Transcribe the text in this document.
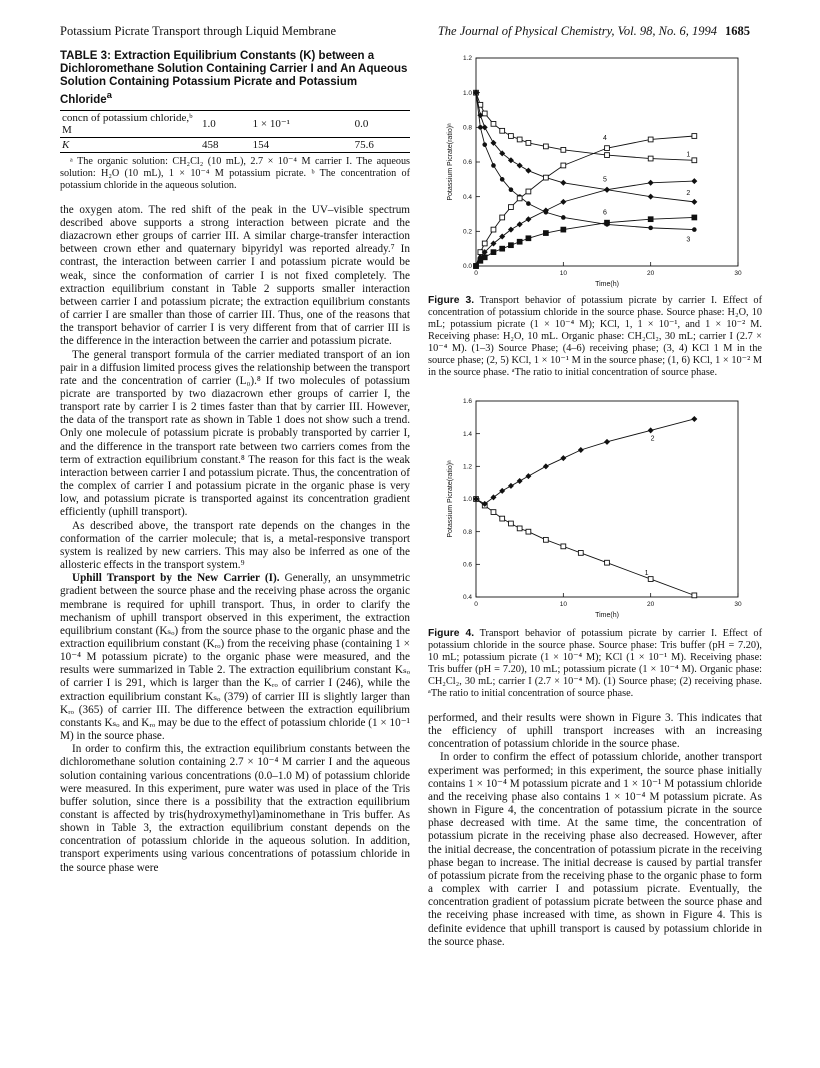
Potassium Picrate Transport through Liquid Membrane	The Journal of Physical Chemistry, Vol. 98, No. 6, 1994 1685
TABLE 3: Extraction Equilibrium Constants (K) between a Dichloromethane Solution Containing Carrier I and An Aqueous Solution Containing Potassium Picrate and Potassium Chloride$^a$
concn of potassium chloride,ᵇ M	1.0	1 × 10⁻¹	0.0
K	458	154	75.6

ᵃ The organic solution: CH₂Cl₂ (10 mL), 2.7 × 10⁻⁴ M carrier I. The aqueous solution: H₂O (10 mL), 1 × 10⁻⁴ M potassium picrate. ᵇ The concentration of potassium chloride in the aqueous solution.

the oxygen atom. The red shift of the peak in the UV–visible spectrum described above supports a strong interaction between picrate and the diazacrown ether groups of carrier III. A similar charge-transfer interaction between crown ether and quaternary bipyridyl was reported already.⁷ In contrast, the interaction between carrier I and potassium picrate would be weak, since the conformation of carrier I is not fixed completely. The extraction equilibrium constant in Table 2 supports smaller interaction between carrier I and potassium picrate; the extraction equilibrium constants of carrier I are smaller than those of carrier III. Thus, one of the reasons that the transport behavior of carrier I is very different from that of carrier III is the difference in the interaction between the carrier and potassium picrate.

The general transport formula of the carrier mediated transport of an ion pair in a diffusion limited process gives the relationship between the transport rate and the concentration of carrier (L₀).⁸ If two molecules of potassium picrate are transported by two diazacrown ether groups of carrier I, the transport rate by carrier I is 2 times faster than that by carrier III. However, the data of the transport rate as shown in Table 1 does not show such a trend. Only one molecule of potassium picrate is probably transported by carrier I, and the difference in the transport rate between two carriers comes from the term of extraction equilibrium constant.⁸ The reason for this fact is the weak interaction between carrier I and potassium picrate. Thus, the concentration of the complex of carrier I and potassium picrate in the organic phase is very low, and potassium picrate is transported against its concentration gradient efficiently (uphill transport).

As described above, the transport rate depends on the changes in the conformation of the carrier molecule; that is, a metal-responsive transport system is realized by new carriers. This may also be inferred as one of the allosteric effects in the transport system.⁹

Uphill Transport by the New Carrier (I). Generally, an unsymmetric gradient between the source phase and the receiving phase across the organic membrane is required for uphill transport. Thus, in order to clarify the mechanism of uphill transport observed in this experiment, the extraction equilibrium constant (Kₛₒ) from the source phase to the organic phase and the extraction equilibrium constant (Kᵣₒ) from the receiving phase (containing 1 × 10⁻⁴ M potassium picrate) to the organic phase were measured, and the results were summarized in Table 2. The extraction equilibrium constant Kₛₒ of carrier I is 291, which is larger than the Kᵣₒ of carrier I (246), while the extraction equilibrium constant Kₛₒ (379) of carrier III is slightly larger than Kᵣₒ (365) of carrier III. The difference between the extraction equilibrium constants Kₛₒ and Kᵣₒ may be due to the effect of potassium chloride (1 × 10⁻¹ M) in the source phase.

In order to confirm this, the extraction equilibrium constants between the dichloromethane solution containing 2.7 × 10⁻⁴ M carrier I and the aqueous solution containing various concentrations (0.0–1.0 M) of potassium chloride were measured. In this experiment, pure water was used in place of the Tris buffer solution, since there is a possibility that the extraction equilibrium constant is affected by tris(hydroxymethyl)aminomethane in Tris buffer. As shown in Table 3, the extraction equilibrium constant depends on the concentration of potassium chloride in the aqueous solution. In addition, transport experiments using various concentrations of potassium chloride in the source phase were

0	10	20	30
0.0
0.2
0.4
0.6
0.8
1.0
1.2
Time(h)
Potassium Picrate(ratio)ᵃ	1
2
3
4
5
6

Figure 3. Transport behavior of potassium picrate by carrier I. Effect of concentration of potassium chloride in the source phase. Source phase: H₂O, 10 mL; potassium picrate (1 × 10⁻⁴ M); KCl, 1, 1 × 10⁻¹, and 1 × 10⁻² M. Receiving phase: H₂O, 10 mL. Organic phase: CH₂Cl₂, 30 mL; carrier I (2.7 × 10⁻⁴ M). (1–3) Source Phase; (4–6) receiving phase; (3, 4) KCl 1 M in the source phase; (2, 5) KCl, 1 × 10⁻¹ M in the source phase; (1, 6) KCl, 1 × 10⁻² M in the source phase. ᵃThe ratio to initial concentration of source phase.

0	10	20	30
0.4
0.6
0.8
1.0
1.2
1.4
1.6
Time(h)
Potassium Picrate(ratio)ᵃ
1
2

Figure 4. Transport behavior of potassium picrate by carrier I. Effect of potassium chloride in the source phase. Source phase: Tris buffer (pH = 7.20), 10 mL; potassium picrate (1 × 10⁻⁴ M); KCl (1 × 10⁻¹ M). Receiving phase: Tris buffer (pH = 7.20), 10 mL; potassium picrate (1 × 10⁻⁴ M). Organic phase: CH₂Cl₂, 30 mL; carrier I (2.7 × 10⁻⁴ M). (1) Source phase; (2) receiving phase. ᵃThe ratio to initial concentration of source phase.

performed, and their results were shown in Figure 3. This indicates that the efficiency of uphill transport increases with an increasing concentration of potassium chloride in the source phase.

In order to confirm the effect of potassium chloride, another transport experiment was performed; in this experiment, the source phase initially contains 1 × 10⁻⁴ M potassium picrate and 1 × 10⁻¹ M potassium chloride and the receiving phase also contains 1 × 10⁻⁴ M potassium picrate. As shown in Figure 4, the concentration of potassium picrate in the source phase decreased with time. At the same time, the concentration of potassium picrate in the receiving phase also decreased. However, after the initial decrease, the concentration of potassium picrate in the receiving phase began to increase. The initial decrease is caused by partial transfer of potassium picrate from the receiving phase to the organic phase to form a complex with carrier I and potassium picrate. Eventually, the concentration gradient of potassium picrate between the source phase and the receiving phase increased with time, as shown in Figure 4. This is definite evidence that uphill transport is caused by potassium chloride in the source phase.
